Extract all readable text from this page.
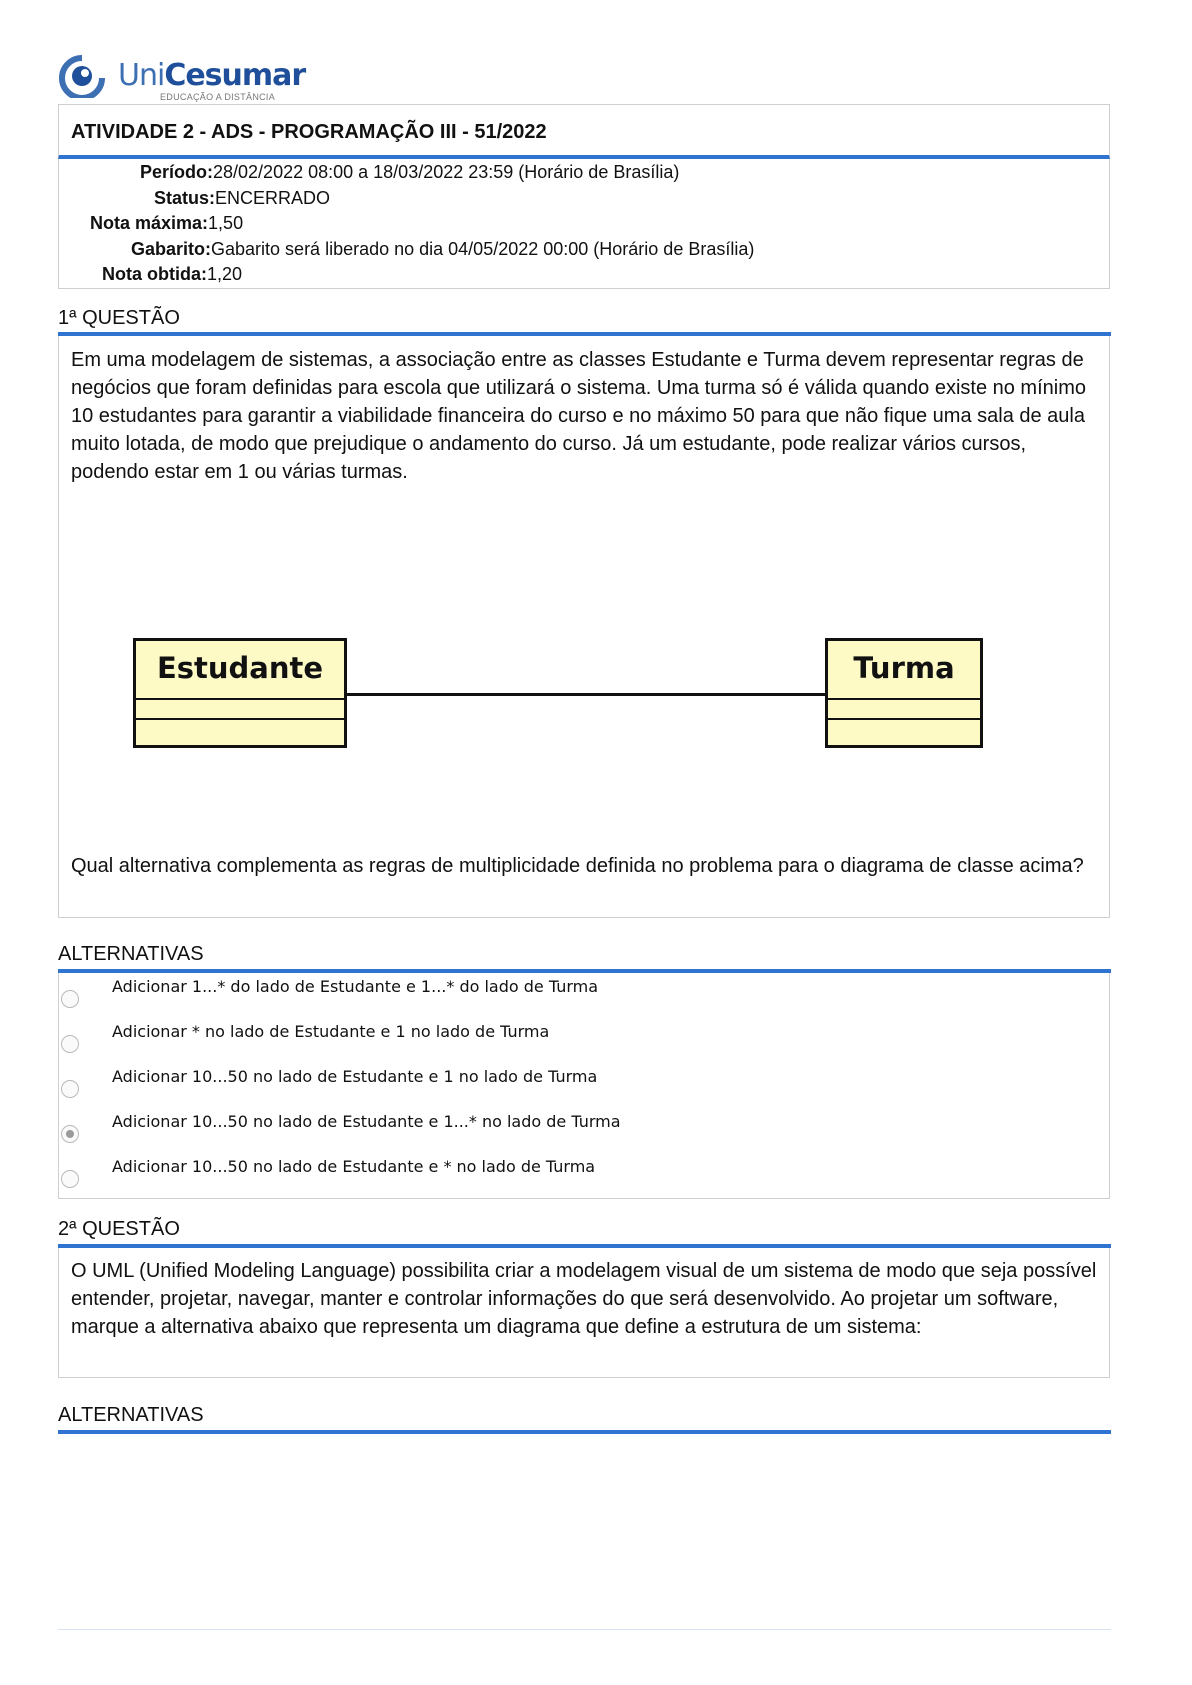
UniCesumar
EDUCAÇÃO A DISTÂNCIA
ATIVIDADE 2 - ADS - PROGRAMAÇÃO III - 51/2022
Período:28/02/2022 08:00 a 18/03/2022 23:59 (Horário de Brasília)
Status:ENCERRADO
Nota máxima:1,50
Gabarito:Gabarito será liberado no dia 04/05/2022 00:00 (Horário de Brasília)
Nota obtida:1,20
1ª QUESTÃO
Em uma modelagem de sistemas, a associação entre as classes Estudante e Turma devem representar regras de negócios que foram definidas para escola que utilizará o sistema. Uma turma só é válida quando existe no mínimo 10 estudantes para garantir a viabilidade financeira do curso e no máximo 50 para que não fique uma sala de aula muito lotada, de modo que prejudique o andamento do curso. Já um estudante, pode realizar vários cursos, podendo estar em 1 ou várias turmas.
Estudante	Turma
Qual alternativa complementa as regras de multiplicidade definida no problema para o diagrama de classe acima?
ALTERNATIVAS
Adicionar 1...* do lado de Estudante e 1...* do lado de Turma
Adicionar * no lado de Estudante e 1 no lado de Turma
Adicionar 10...50 no lado de Estudante e 1 no lado de Turma
Adicionar 10...50 no lado de Estudante e 1...* no lado de Turma
Adicionar 10...50 no lado de Estudante e * no lado de Turma
2ª QUESTÃO
O UML (Unified Modeling Language) possibilita criar a modelagem visual de um sistema de modo que seja possível entender, projetar, navegar, manter e controlar informações do que será desenvolvido. Ao projetar um software, marque a alternativa abaixo que representa um diagrama que define a estrutura de um sistema:
ALTERNATIVAS
